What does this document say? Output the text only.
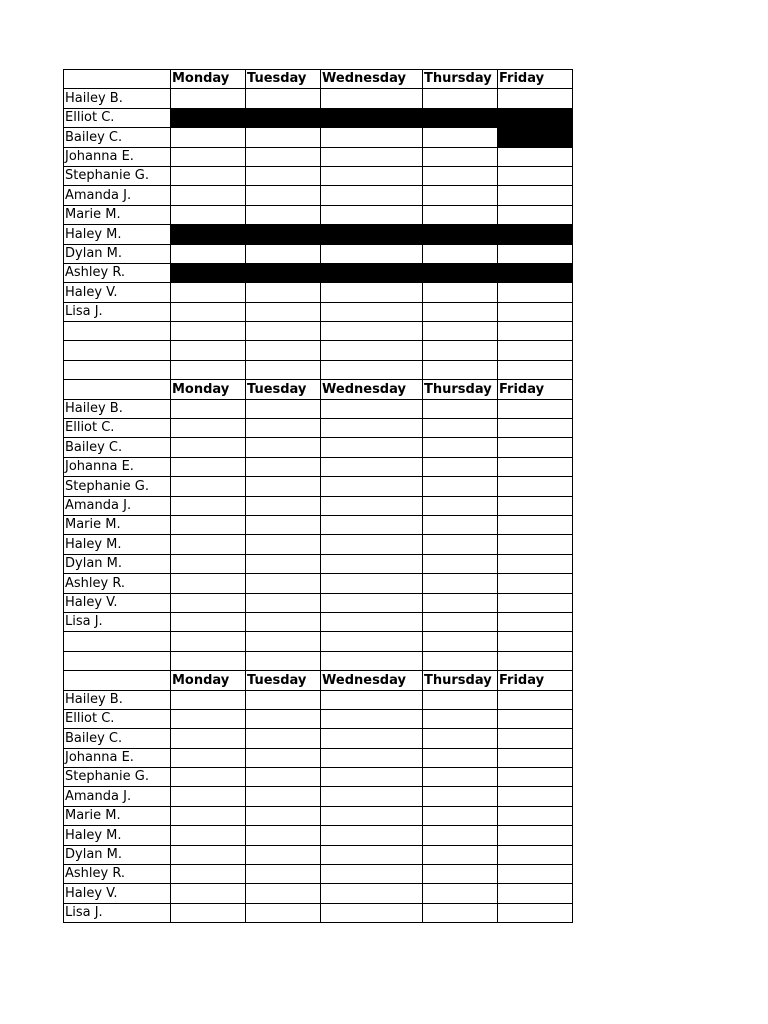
	Monday	Tuesday	Wednesday	Thursday	Friday
Hailey B.					
Elliot C.					
Bailey C.					
Johanna E.					
Stephanie G.					
Amanda J.					
Marie M.					
Haley M.					
Dylan M.					
Ashley R.					
Haley V.					
Lisa J.					

	Monday	Tuesday	Wednesday	Thursday	Friday
Hailey B.					
Elliot C.					
Bailey C.					
Johanna E.					
Stephanie G.					
Amanda J.					
Marie M.					
Haley M.					
Dylan M.					
Ashley R.					
Haley V.					
Lisa J.					

	Monday	Tuesday	Wednesday	Thursday	Friday
Hailey B.					
Elliot C.					
Bailey C.					
Johanna E.					
Stephanie G.					
Amanda J.					
Marie M.					
Haley M.					
Dylan M.					
Ashley R.					
Haley V.					
Lisa J.					
